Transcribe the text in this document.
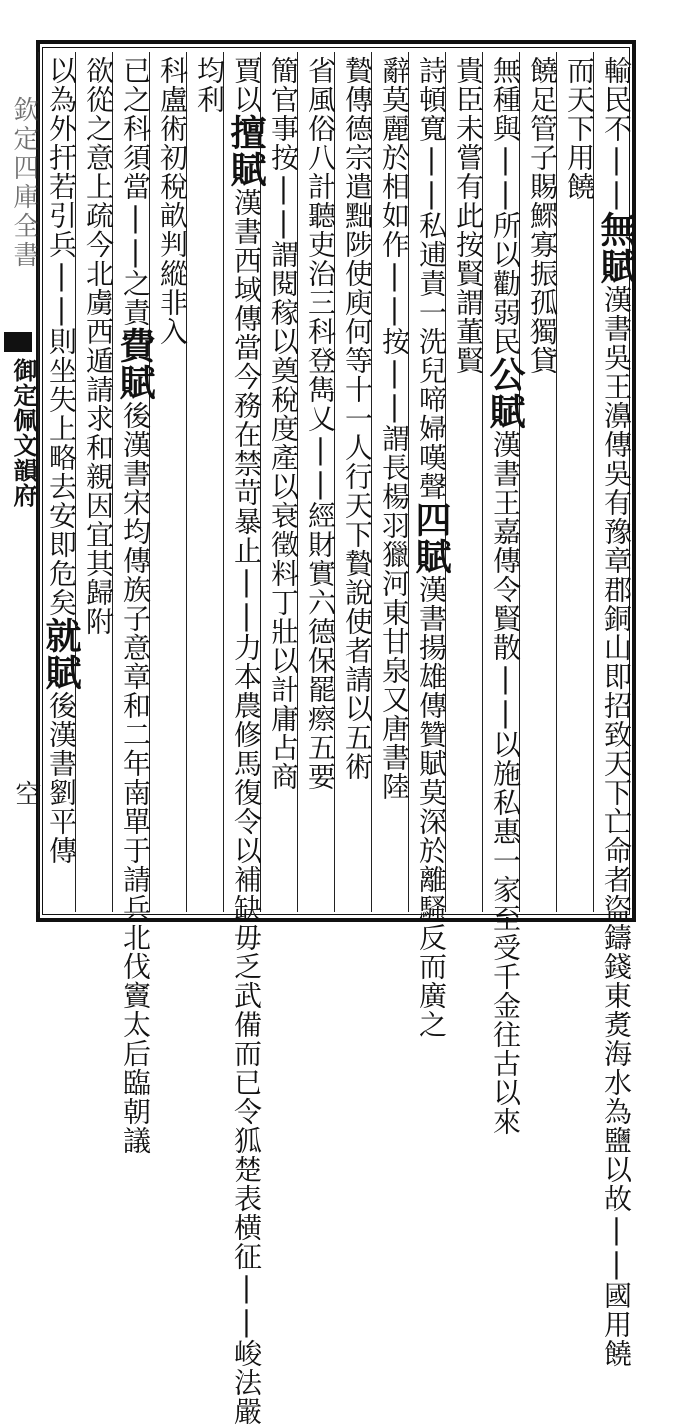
欽定四庫全書
御定佩文韻府
空
輸民不||無賦漢書吳王濞傳吳有豫章郡銅山即招致天下亡命者盜鑄錢東煑海水為鹽以故||國用饒
而天下用饒
饒足管子賜鰥寡振孤獨貸
無種與||所以勸弱民公賦漢書王嘉傳令賢散||以施私惠一家至受千金往古以來
貴臣未嘗有此按賢謂董賢
詩頓寬||私逋責一洗兒啼婦嘆聲四賦漢書揚雄傳贊賦莫深於離騷反而廣之
辭莫麗於相如作||按||謂長楊羽獵河東甘泉又唐書陸
贄傳德宗遣黜陟使庾何等十一人行天下贄說使者請以五術
省風俗八計聽吏治三科登雋乂||經財實六德保罷瘵五要
簡官事按||謂閱稼以奠稅度產以衰徵料丁壯以計庸占商
賈以擅賦漢書西域傳當今務在禁苛暴止||力本農修馬復令以補缺毋乏武備而已令狐楚表横征||峻法嚴
均利
科盧術初稅畝判縱非入
已之科須當||之責費賦後漢書宋均傳族子意章和二年南單于請兵北伐竇太后臨朝議
欲從之意上疏今北虜西遁請求和親因宜其歸附
以為外扞若引兵||則坐失上略去安即危矣就賦後漢書劉平傳
